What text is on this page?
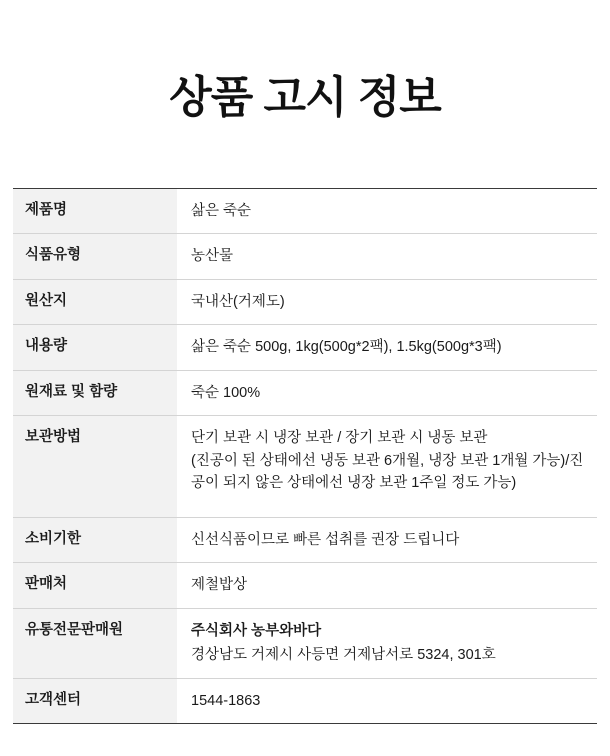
상품 고시 정보
제품명	삶은 죽순
식품유형	농산물
원산지	국내산(거제도)
내용량	삶은 죽순 500g, 1kg(500g*2팩), 1.5kg(500g*3팩)
원재료 및 함량	죽순 100%
보관방법	단기 보관 시 냉장 보관 / 장기 보관 시 냉동 보관
(진공이 된 상태에선 냉동 보관 6개월, 냉장 보관 1개월 가능)/진공이 되지 않은 상태에선 냉장 보관 1주일 정도 가능)

소비기한	신선식품이므로 빠른 섭취를 권장 드립니다
판매처	제철밥상
유통전문판매원	주식회사 농부와바다
경상남도 거제시 사등면 거제남서로 5324, 301호

고객센터	1544-1863
